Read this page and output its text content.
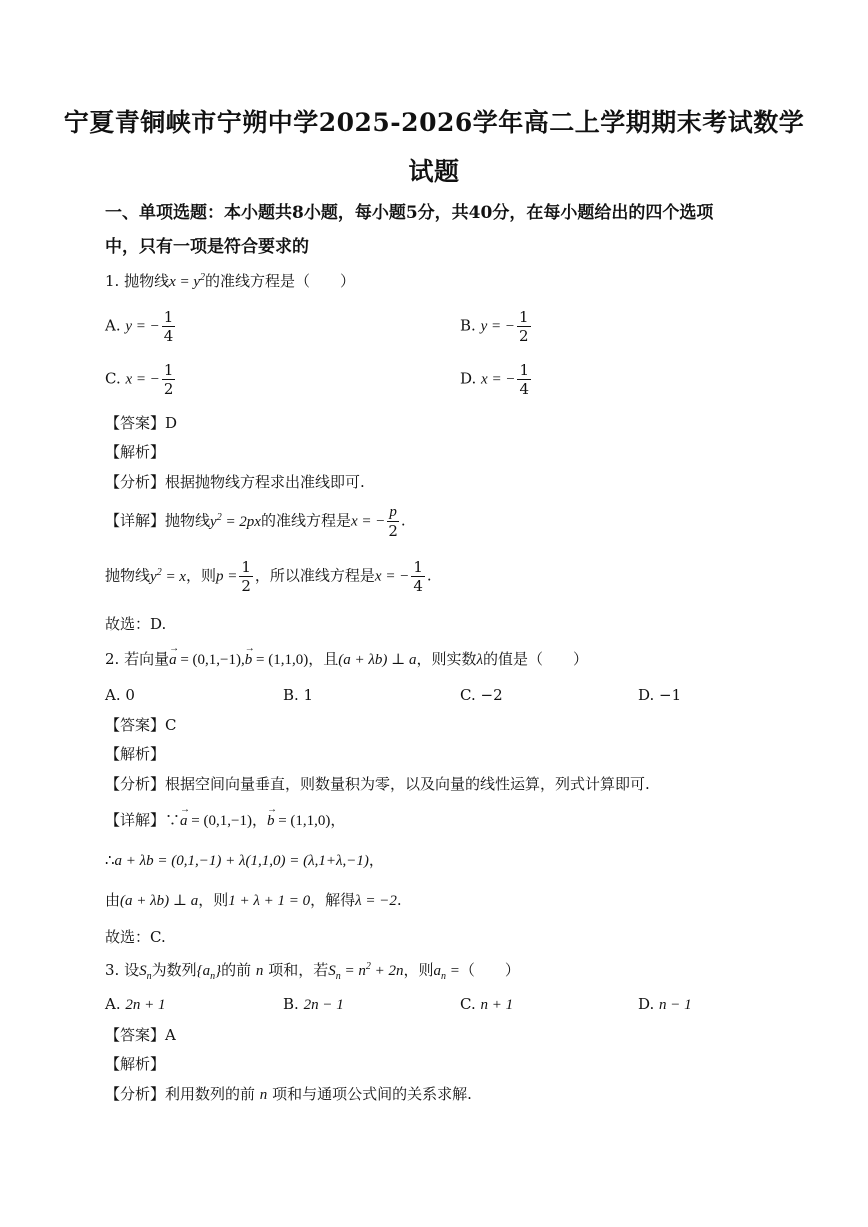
宁夏青铜峡市宁朔中学2025-2026学年高二上学期期末考试数学
试题
一、单项选题：本小题共8小题，每小题5分，共40分，在每小题给出的四个选项
中，只有一项是符合要求的
1. 抛物线$x = y^2$的准线方程是（　　）
A. y = − $\frac{1}{4}$	B. y = − $\frac{1}{2}$
C. x = − $\frac{1}{2}$	D. x = − $\frac{1}{4}$
【答案】D
【解析】
【分析】根据抛物线方程求出准线即可.
【详解】抛物线$y^2 = 2px$的准线方程是x = − $\frac{p}{2}$ .
抛物线$y^2 = x$，则$p = \frac{1}{2}$ ，所以准线方程是x = − $\frac{1}{4}$ .
故选：D.
2. 若向量→ a = (0,1,−1),→ b = (1,1,0)，且(a + λb) ⊥ a，则实数λ的值是（　　）
A. 0	B. 1	C. −2	D. −1
【答案】C
【解析】
【分析】根据空间向量垂直，则数量积为零，以及向量的线性运算，列式计算即可.
【详解】∵→ a = (0,1,−1)，→ b = (1,1,0)，
∴a + λb = (0,1,−1) + λ(1,1,0) = (λ,1+λ,−1)，
由(a + λb) ⊥ a，则1 + λ + 1 = 0，解得λ = −2.
故选：C.
3. 设$S_n$为数列$\{a_n\}$的前 n 项和，若$S_n = n^2 + 2n$，则$a_n$ =（　　）
A. 2n + 1	B. 2n − 1	C. n + 1	D. n − 1
【答案】A
【解析】
【分析】利用数列的前 n 项和与通项公式间的关系求解.
